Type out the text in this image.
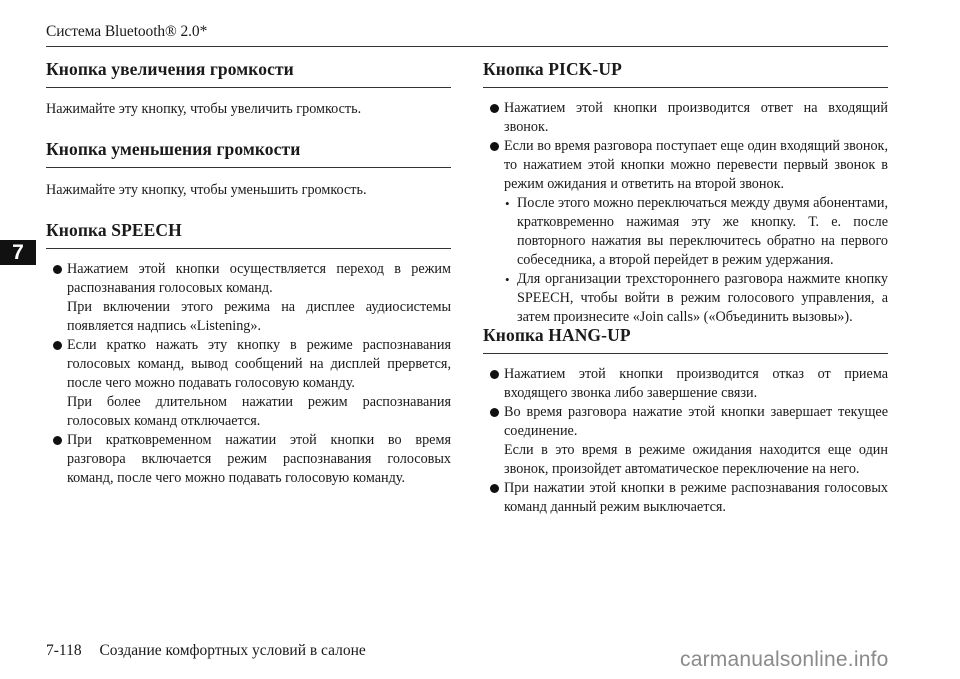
Система Bluetooth® 2.0*
7
Кнопка увеличения громкости
Нажимайте эту кнопку, чтобы увеличить громкость.
Кнопка уменьшения громкости
Нажимайте эту кнопку, чтобы уменьшить громкость.
Кнопка SPEECH

Нажатием этой кнопки осуществляется переход в режим распознавания голосовых команд.

При включении этого режима на дисплее аудиосистемы появляется надпись «Listening».

Если кратко нажать эту кнопку в режиме распознавания голосовых команд, вывод сообщений на дисплей прервется, после чего можно подавать голосовую команду.

При более длительном нажатии режим распознавания голосовых команд отключается.

При кратковременном нажатии этой кнопки во время разговора включается режим распознавания голосовых команд, после чего можно подавать голосовую команду.

Кнопка PICK-UP

Нажатием этой кнопки производится ответ на входящий звонок.

Если во время разговора поступает еще один входящий звонок, то нажатием этой кнопки можно перевести первый звонок в режим ожидания и ответить на второй звонок.

• После этого можно переключаться между двумя абонентами, кратковременно нажимая эту же кнопку. Т. е. после повторного нажатия вы переключитесь обратно на первого собеседника, а второй перейдет в режим удержания.
• Для организации трехстороннего разговора нажмите кнопку SPEECH, чтобы войти в режим голосового управления, а затем произнесите «Join calls» («Объединить вызовы»).
Кнопка HANG-UP

Нажатием этой кнопки производится отказ от приема входящего звонка либо завершение связи.

Во время разговора нажатие этой кнопки завершает текущее соединение.

Если в это время в режиме ожидания находится еще один звонок, произойдет автоматическое переключение на него.

При нажатии этой кнопки в режиме распознавания голосовых команд данный режим выключается.

7-118 Создание комфортных условий в салоне	carmanualsonline.info
